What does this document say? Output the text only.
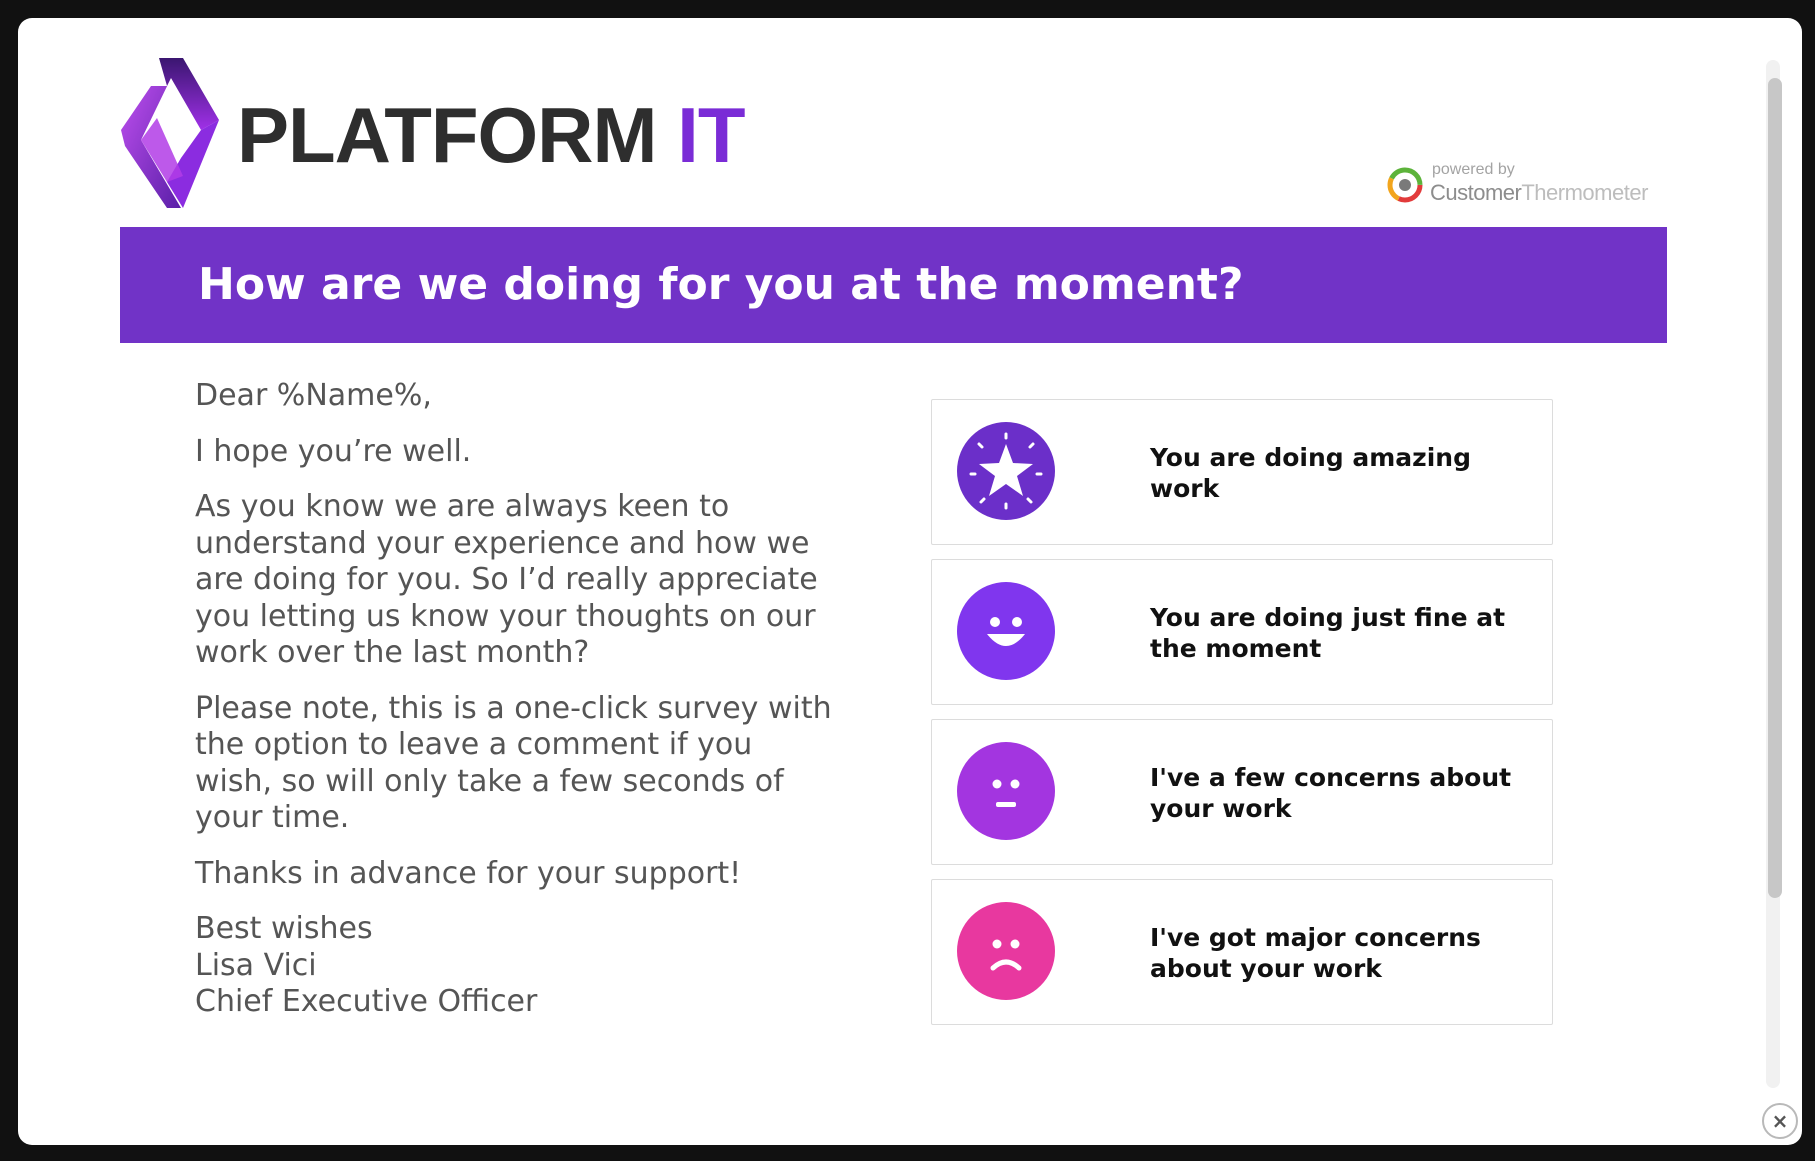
PLATFORM IT	powered by
CustomerThermometer
How are we doing for you at the moment?

Dear %Name%,

I hope you’re well.

As you know we are always keen to understand your experience and how we are doing for you. So I’d really appreciate you letting us know your thoughts on our work over the last month?

Please note, this is a one-click survey with the option to leave a comment if you wish, so will only take a few seconds of your time.

Thanks in advance for your support!

Best wishes
Lisa Vici
Chief Executive Officer

You are doing amazing work
You are doing just fine at the moment
I've a few concerns about your work
I've got major concerns about your work
×
